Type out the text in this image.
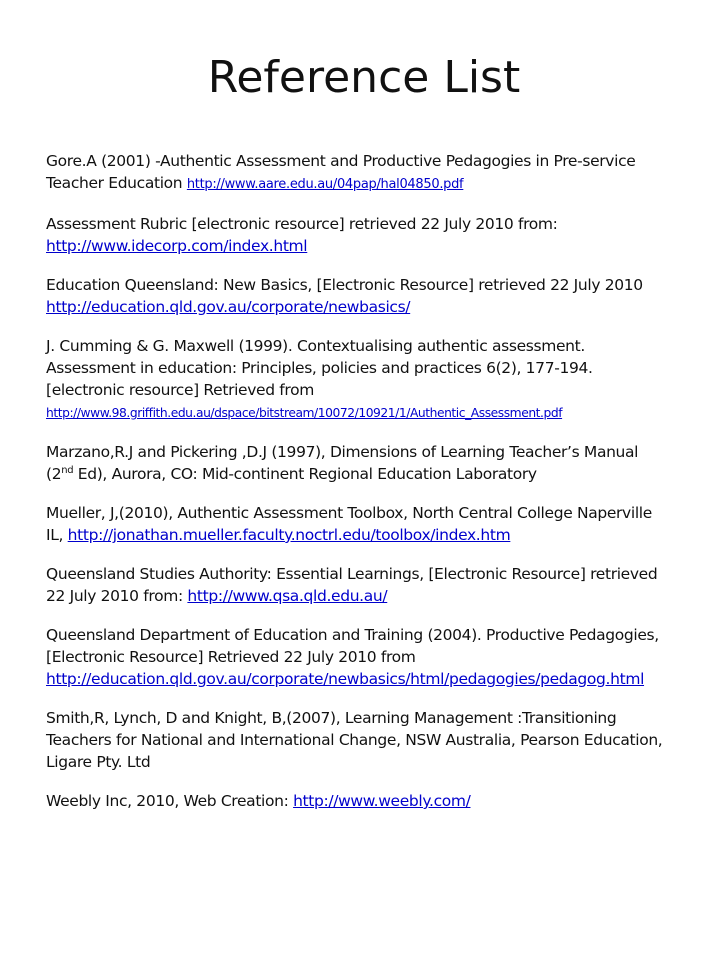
Reference List

Gore.A (2001) -Authentic Assessment and Productive Pedagogies in Pre-service
Teacher Education http://www.aare.edu.au/04pap/hal04850.pdf

Assessment Rubric [electronic resource] retrieved 22 July 2010 from:
http://www.idecorp.com/index.html

Education Queensland: New Basics, [Electronic Resource] retrieved 22 July 2010
http://education.qld.gov.au/corporate/newbasics/

J. Cumming & G. Maxwell (1999). Contextualising authentic assessment.
Assessment in education: Principles, policies and practices 6(2), 177-194.
[electronic resource] Retrieved from
http://www.98.griffith.edu.au/dspace/bitstream/10072/10921/1/Authentic_Assessment.pdf

Marzano,R.J and Pickering ,D.J (1997), Dimensions of Learning Teacher’s Manual
(2nd Ed), Aurora, CO: Mid-continent Regional Education Laboratory

Mueller, J,(2010), Authentic Assessment Toolbox, North Central College Naperville
IL, http://jonathan.mueller.faculty.noctrl.edu/toolbox/index.htm

Queensland Studies Authority: Essential Learnings, [Electronic Resource] retrieved
22 July 2010 from: http://www.qsa.qld.edu.au/

Queensland Department of Education and Training (2004). Productive Pedagogies,
[Electronic Resource] Retrieved 22 July 2010 from
http://education.qld.gov.au/corporate/newbasics/html/pedagogies/pedagog.html

Smith,R, Lynch, D and Knight, B,(2007), Learning Management :Transitioning
Teachers for National and International Change, NSW Australia, Pearson Education,
Ligare Pty. Ltd

Weebly Inc, 2010, Web Creation: http://www.weebly.com/
